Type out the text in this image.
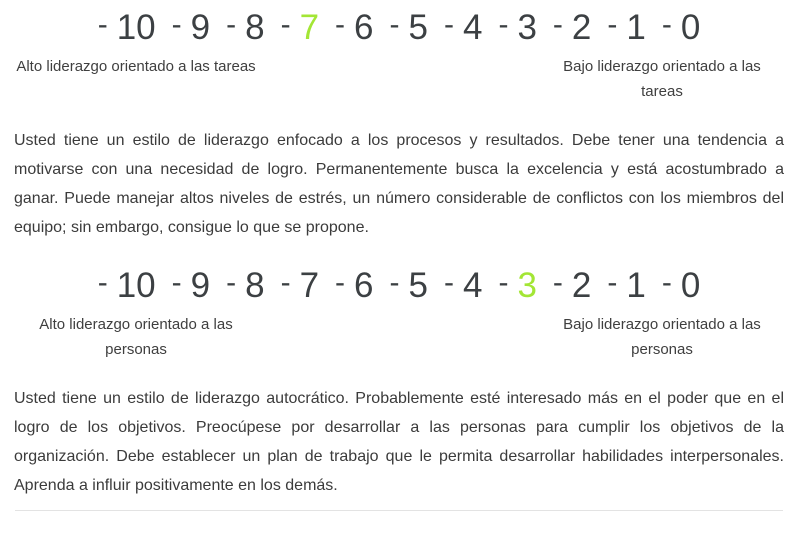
- 10 - 9 - 8 - 7 - 6 - 5 - 4 - 3 - 2 - 1 - 0
Alto liderazgo orientado a las tareas	Bajo liderazgo orientado a las tareas

Usted tiene un estilo de liderazgo enfocado a los procesos y resultados. Debe tener una tendencia a motivarse con una necesidad de logro. Permanentemente busca la excelencia y está acostumbrado a ganar. Puede manejar altos niveles de estrés, un número considerable de conflictos con los miembros del equipo; sin embargo, consigue lo que se propone.

- 10 - 9 - 8 - 7 - 6 - 5 - 4 - 3 - 2 - 1 - 0
Alto liderazgo orientado a las personas
Bajo liderazgo orientado a las personas

Usted tiene un estilo de liderazgo autocrático. Probablemente esté interesado más en el poder que en el logro de los objetivos. Preocúpese por desarrollar a las personas para cumplir los objetivos de la organización. Debe establecer un plan de trabajo que le permita desarrollar habilidades interpersonales. Aprenda a influir positivamente en los demás.
